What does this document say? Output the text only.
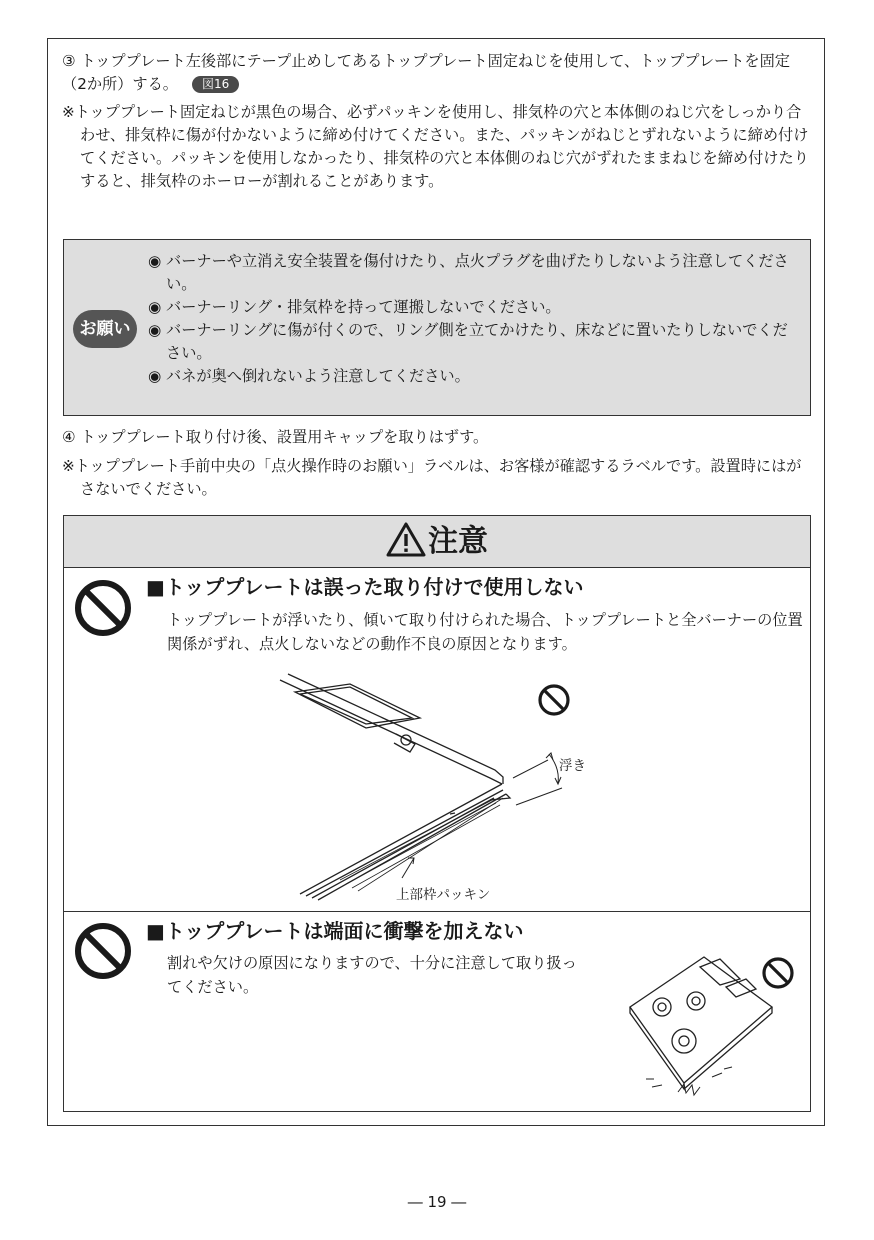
③ トッププレート左後部にテープ止めしてあるトッププレート固定ねじを使用して、トッププレートを固定（2か所）する。 図16
※トッププレート固定ねじが黒色の場合、必ずパッキンを使用し、排気枠の穴と本体側のねじ穴をしっかり合わせ、排気枠に傷が付かないように締め付けてください。また、パッキンがねじとずれないように締め付けてください。パッキンを使用しなかったり、排気枠の穴と本体側のねじ穴がずれたままねじを締め付けたりすると、排気枠のホーローが割れることがあります。
お願い
◉ バーナーや立消え安全装置を傷付けたり、点火プラグを曲げたりしないよう注意してください。
◉ バーナーリング・排気枠を持って運搬しないでください。
◉ バーナーリングに傷が付くので、リング側を立てかけたり、床などに置いたりしないでください。
◉ バネが奥へ倒れないよう注意してください。
④ トッププレート取り付け後、設置用キャップを取りはずす。
※トッププレート手前中央の「点火操作時のお願い」ラベルは、お客様が確認するラベルです。設置時にはがさないでください。
注意
■トッププレートは誤った取り付けで使用しない
トッププレートが浮いたり、傾いて取り付けられた場合、トッププレートと全バーナーの位置関係がずれ、点火しないなどの動作不良の原因となります。
浮き
上部枠パッキン
■トッププレートは端面に衝撃を加えない
割れや欠けの原因になりますので、十分に注意して取り扱ってください。
― 19 ―
